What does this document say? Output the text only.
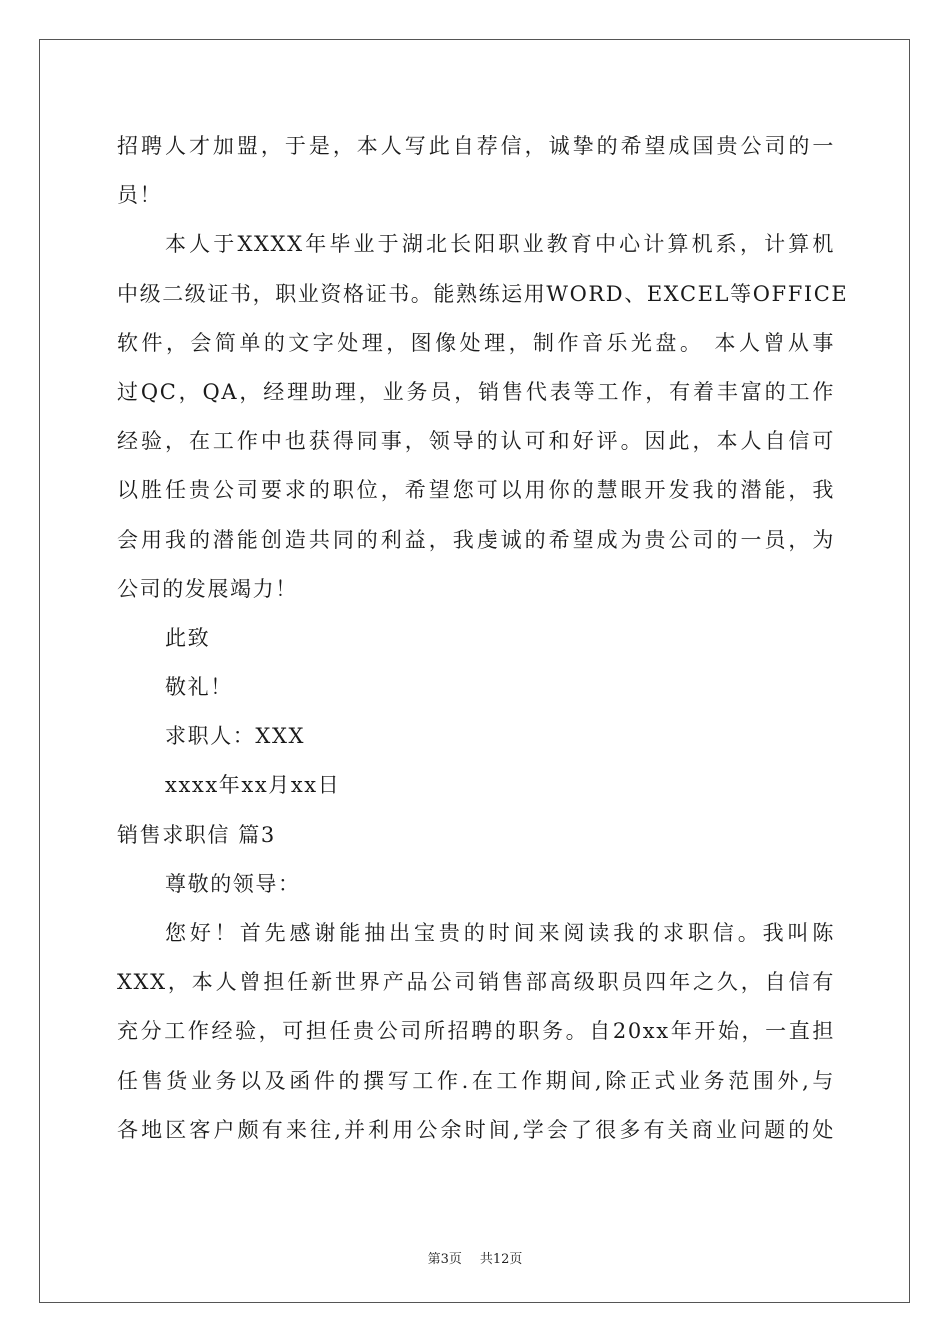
招聘人才加盟，于是，本人写此自荐信，诚挚的希望成国贵公司的一
员！
本人于XXXX年毕业于湖北长阳职业教育中心计算机系，计算机
中级二级证书，职业资格证书。能熟练运用WORD、EXCEL等OFFICE
软件，会简单的文字处理，图像处理，制作音乐光盘。 本人曾从事
过QC，QA，经理助理，业务员，销售代表等工作，有着丰富的工作
经验，在工作中也获得同事，领导的认可和好评。因此，本人自信可
以胜任贵公司要求的职位，希望您可以用你的慧眼开发我的潜能，我
会用我的潜能创造共同的利益，我虔诚的希望成为贵公司的一员，为
公司的发展竭力！
此致
敬礼！
求职人：XXX
xxxx年xx月xx日
销售求职信 篇3
尊敬的领导：
您好！首先感谢能抽出宝贵的时间来阅读我的求职信。我叫陈
XXX，本人曾担任新世界产品公司销售部高级职员四年之久，自信有
充分工作经验，可担任贵公司所招聘的职务。自20xx年开始，一直担
任售货业务以及函件的撰写工作.在工作期间,除正式业务范围外,与
各地区客户颇有来往,并利用公余时间,学会了很多有关商业问题的处
第3页 共12页
